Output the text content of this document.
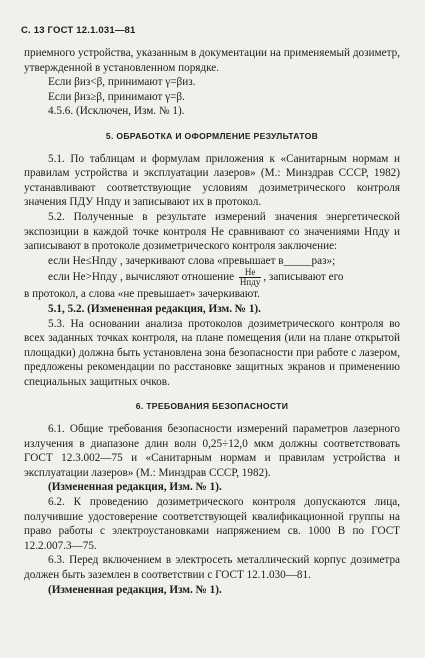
С. 13 ГОСТ 12.1.031—81

приемного устройства, указанным в документации на применяемый дозиметр, утвержденной в установленном порядке.

Если βиз<β, принимают γ=βиз.

Если βиз≥β, принимают γ=β.

4.5.6. (Исключен, Изм. № 1).

5. ОБРАБОТКА И ОФОРМЛЕНИЕ РЕЗУЛЬТАТОВ

5.1. По таблицам и формулам приложения к «Санитарным нормам и правилам устройства и эксплуатации лазеров» (М.: Минздрав СССР, 1982) устанавливают соответствующие условиям дозиметрического контроля значения ПДУ Hпду и записывают их в протокол.

5.2. Полученные в результате измерений значения энергетической экспозиции в каждой точке контроля He сравнивают со значениями Hпду и записывают в протоколе дозиметрического контроля заключение:

если He≤Hпду , зачеркивают слова «превышает в_____раз»;

если He>Hпду , вычисляют отношение $\frac{He}{\text{Hпду}}$ , записывают его

в протокол, а слова «не превышает» зачеркивают.

5.1, 5.2. (Измененная редакция, Изм. № 1).

5.3. На основании анализа протоколов дозиметрического контроля во всех заданных точках контроля, на плане помещения (или на плане открытой площадки) должна быть установлена зона безопасности при работе с лазером, предложены рекомендации по расстановке защитных экранов и применению специальных защитных очков.

6. ТРЕБОВАНИЯ БЕЗОПАСНОСТИ

6.1. Общие требования безопасности измерений параметров лазерного излучения в диапазоне длин волн 0,25÷12,0 мкм должны соответствовать ГОСТ 12.3.002—75 и «Санитарным нормам и правилам устройства и эксплуатации лазеров» (М.: Минздрав СССР, 1982).

(Измененная редакция, Изм. № 1).

6.2. К проведению дозиметрического контроля допускаются лица, получившие удостоверение соответствующей квалификационной группы на право работы с электроустановками напряжением св. 1000 В по ГОСТ 12.2.007.3—75.

6.3. Перед включением в электросеть металлический корпус дозиметра должен быть заземлен в соответствии с ГОСТ 12.1.030—81.

(Измененная редакция, Изм. № 1).
